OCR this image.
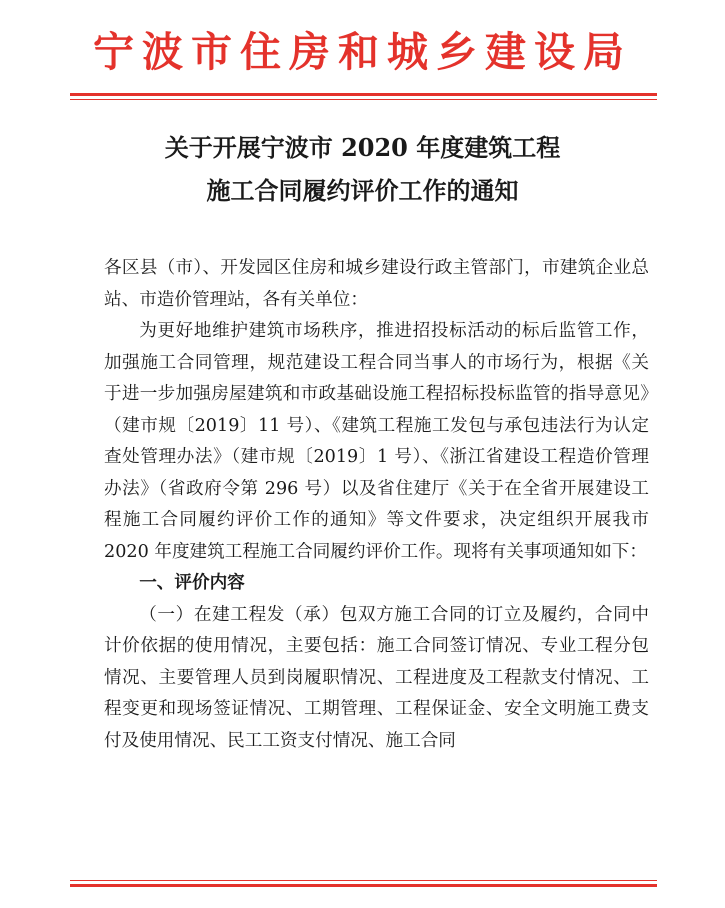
宁波市住房和城乡建设局
关于开展宁波市 2020 年度建筑工程
施工合同履约评价工作的通知

各区县（市）、开发园区住房和城乡建设行政主管部门，市建筑企业总站、市造价管理站，各有关单位：

为更好地维护建筑市场秩序，推进招投标活动的标后监管工作，加强施工合同管理，规范建设工程合同当事人的市场行为，根据《关于进一步加强房屋建筑和市政基础设施工程招标投标监管的指导意见》（建市规〔2019〕11 号）、《建筑工程施工发包与承包违法行为认定查处管理办法》（建市规〔2019〕1 号）、《浙江省建设工程造价管理办法》（省政府令第 296 号）以及省住建厅《关于在全省开展建设工程施工合同履约评价工作的通知》等文件要求，决定组织开展我市 2020 年度建筑工程施工合同履约评价工作。现将有关事项通知如下：

一、评价内容

（一）在建工程发（承）包双方施工合同的订立及履约，合同中计价依据的使用情况，主要包括：施工合同签订情况、专业工程分包情况、主要管理人员到岗履职情况、工程进度及工程款支付情况、工程变更和现场签证情况、工期管理、工程保证金、安全文明施工费支付及使用情况、民工工资支付情况、施工合同
